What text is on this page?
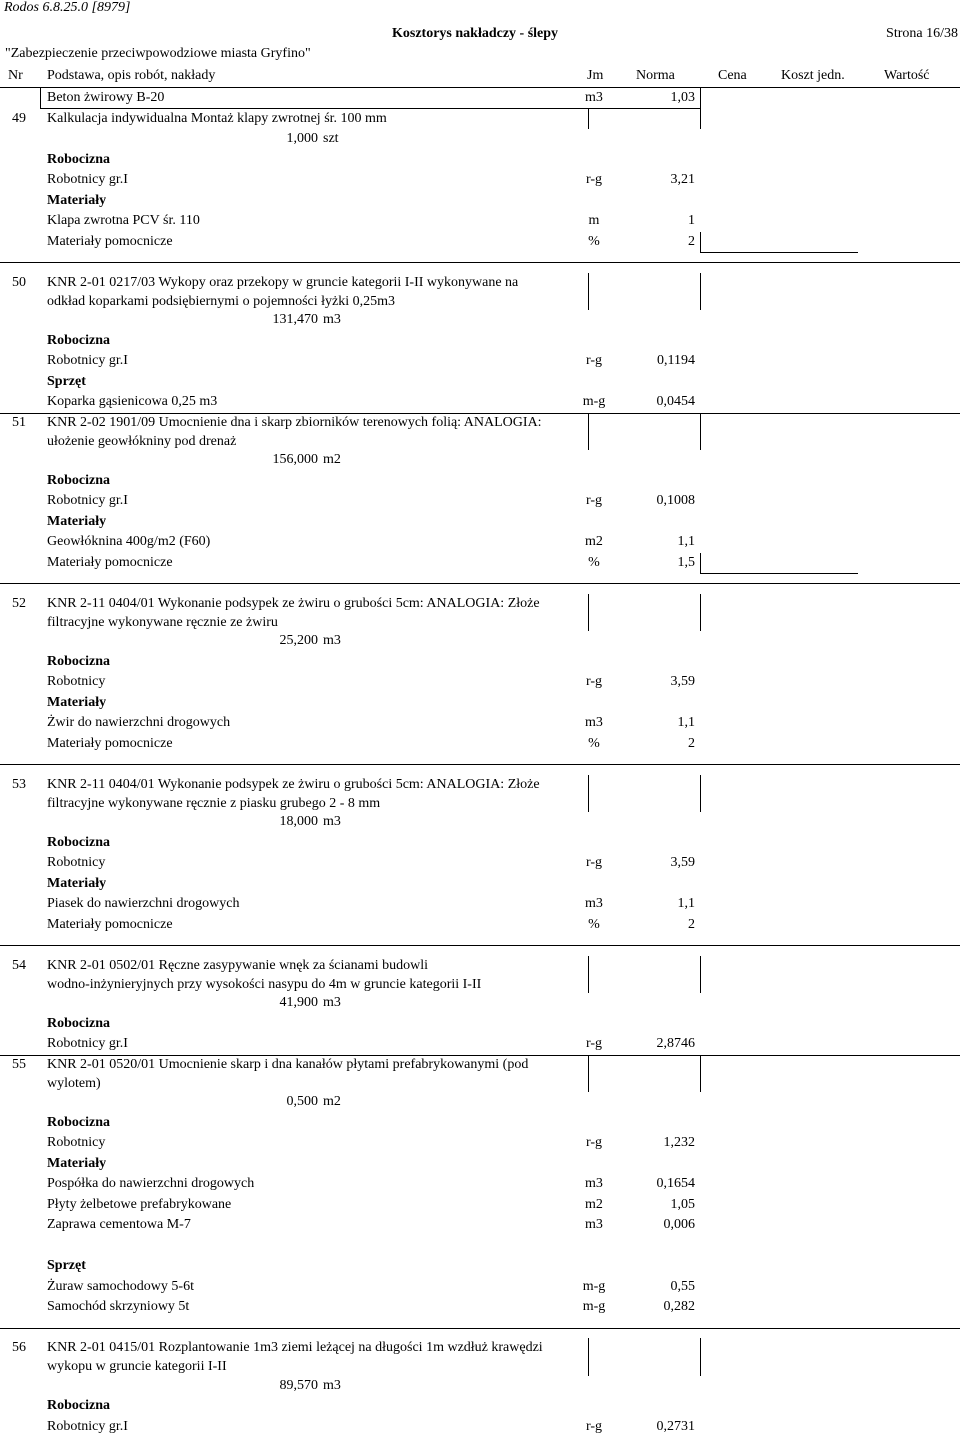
Rodos 6.8.25.0 [8979]
Kosztorys nakładczy - ślepy	Strona 16/38
"Zabezpieczenie przeciwpowodziowe miasta Gryfino"
Nr Podstawa, opis robót, nakłady	Jm Norma	Cena Koszt jedn.	Wartość
Beton żwirowy B-20	m3	1,03
49 Kalkulacja indywidualna Montaż klapy zwrotnej śr. 100 mm
1,000 szt
Robocizna
Robotnicy gr.I	r-g	3,21
Materiały
Klapa zwrotna PCV śr. 110	m	1
Materiały pomocnicze	%	2
50 KNR 2-01 0217/03 Wykopy oraz przekopy w gruncie kategorii I-II wykonywane na
odkład koparkami podsiębiernymi o pojemności łyżki 0,25m3
131,470 m3
Robocizna
Robotnicy gr.I	r-g	0,1194
Sprzęt
Koparka gąsienicowa 0,25 m3	m-g	0,0454
51 KNR 2-02 1901/09 Umocnienie dna i skarp zbiorników terenowych folią: ANALOGIA:
ułożenie geowłókniny pod drenaż
156,000 m2
Robocizna
Robotnicy gr.I	r-g	0,1008
Materiały
Geowłóknina 400g/m2 (F60)	m2	1,1
Materiały pomocnicze	%	1,5
52 KNR 2-11 0404/01 Wykonanie podsypek ze żwiru o grubości 5cm: ANALOGIA: Złoże
filtracyjne wykonywane ręcznie ze żwiru
25,200 m3
Robocizna
Robotnicy	r-g	3,59
Materiały
Żwir do nawierzchni drogowych	m3	1,1
Materiały pomocnicze	%	2
53 KNR 2-11 0404/01 Wykonanie podsypek ze żwiru o grubości 5cm: ANALOGIA: Złoże
filtracyjne wykonywane ręcznie z piasku grubego 2 - 8 mm
18,000 m3
Robocizna
Robotnicy	r-g	3,59
Materiały
Piasek do nawierzchni drogowych	m3	1,1
Materiały pomocnicze	%	2
54 KNR 2-01 0502/01 Ręczne zasypywanie wnęk za ścianami budowli
wodno-inżynieryjnych przy wysokości nasypu do 4m w gruncie kategorii I-II
41,900 m3
Robocizna
Robotnicy gr.I	r-g	2,8746
55 KNR 2-01 0520/01 Umocnienie skarp i dna kanałów płytami prefabrykowanymi (pod
wylotem)
0,500 m2
Robocizna
Robotnicy	r-g	1,232
Materiały
Pospółka do nawierzchni drogowych	m3	0,1654
Płyty żelbetowe prefabrykowane	m2	1,05
Zaprawa cementowa M-7	m3	0,006
Sprzęt
Żuraw samochodowy 5-6t	m-g	0,55
Samochód skrzyniowy 5t	m-g	0,282
56 KNR 2-01 0415/01 Rozplantowanie 1m3 ziemi leżącej na długości 1m wzdłuż krawędzi
wykopu w gruncie kategorii I-II
89,570 m3
Robocizna
Robotnicy gr.I	r-g	0,2731
